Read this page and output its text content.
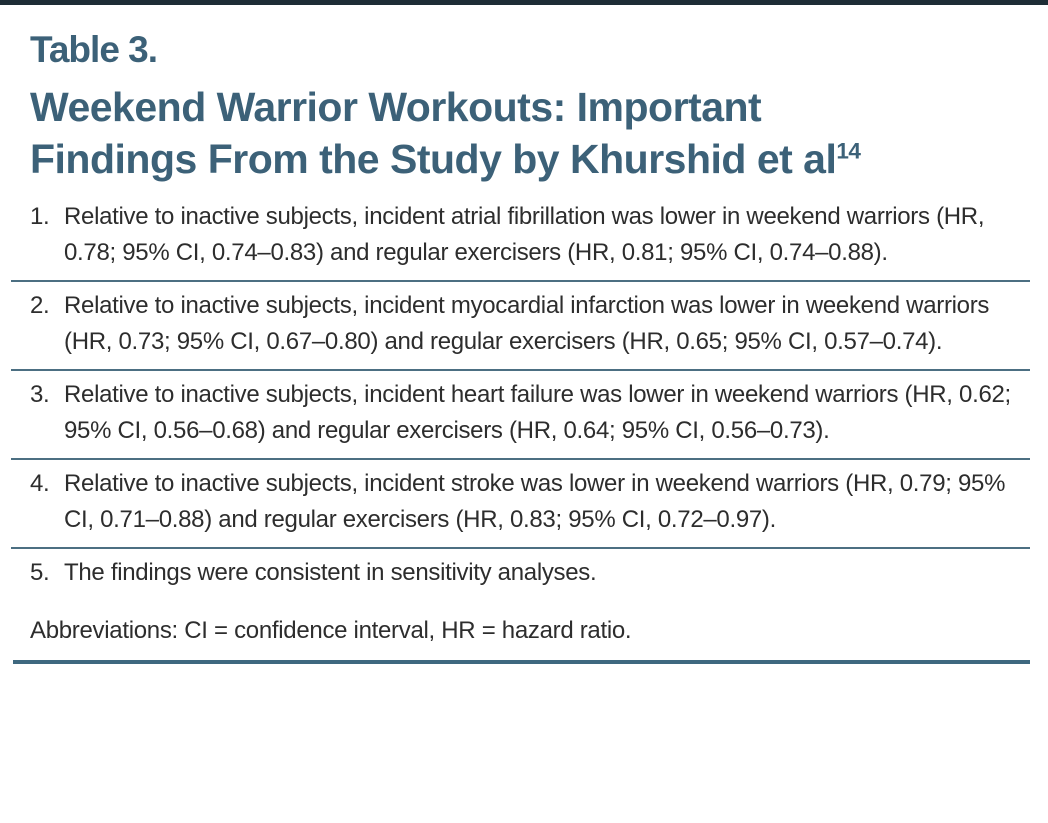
Table 3.
Weekend Warrior Workouts: Important
Findings From the Study by Khurshid et $al^{14}$
1. Relative to inactive subjects, incident atrial fibrillation was lower in weekend warriors (HR, 0.78; 95% CI, 0.74–0.83) and regular exercisers (HR, 0.81; 95% CI, 0.74–0.88).
2. Relative to inactive subjects, incident myocardial infarction was lower in weekend warriors (HR, 0.73; 95% CI, 0.67–0.80) and regular exercisers (HR, 0.65; 95% CI, 0.57–0.74).
3. Relative to inactive subjects, incident heart failure was lower in weekend warriors (HR, 0.62; 95% CI, 0.56–0.68) and regular exercisers (HR, 0.64; 95% CI, 0.56–0.73).
4. Relative to inactive subjects, incident stroke was lower in weekend warriors (HR, 0.79; 95% CI, 0.71–0.88) and regular exercisers (HR, 0.83; 95% CI, 0.72–0.97).
5. The findings were consistent in sensitivity analyses.
Abbreviations: CI = confidence interval, HR = hazard ratio.
